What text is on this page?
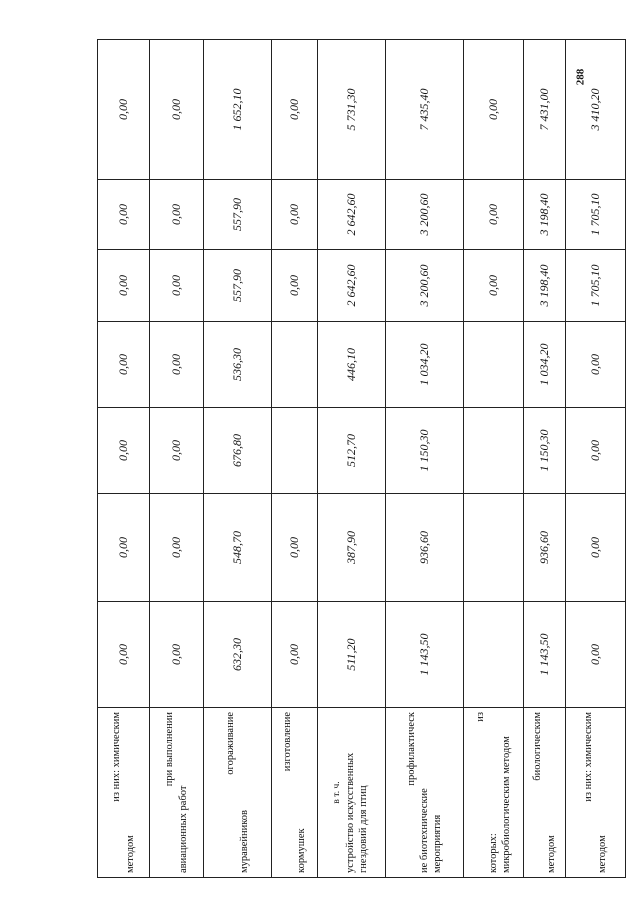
288
из них: химическим
методом	0,00	0,00	0,00	0,00	0,00	0,00	0,00

при выполнении
авиационных работ	0,00	0,00	0,00	0,00	0,00	0,00	0,00

огораживание
муравейников	632,30	548,70	676,80	536,30	557,90	557,90	1 652,10

изготовление
кормушек	0,00	0,00			0,00	0,00	0,00

в т. ч. устройство искусственных гнездовий для птиц	511,20	387,90	512,70	446,10	2 642,60	2 642,60	5 731,30

профилактическ
ие биотехнические мероприятия	1 143,50	936,60	1 150,30	1 034,20	3 200,60	3 200,60	7 435,40

из
которых: микробиологическим методом					0,00	0,00	0,00

биологическим
методом	1 143,50	936,60	1 150,30	1 034,20	3 198,40	3 198,40	7 431,00

из них: химическим
методом	0,00	0,00	0,00	0,00	1 705,10	1 705,10	3 410,20
